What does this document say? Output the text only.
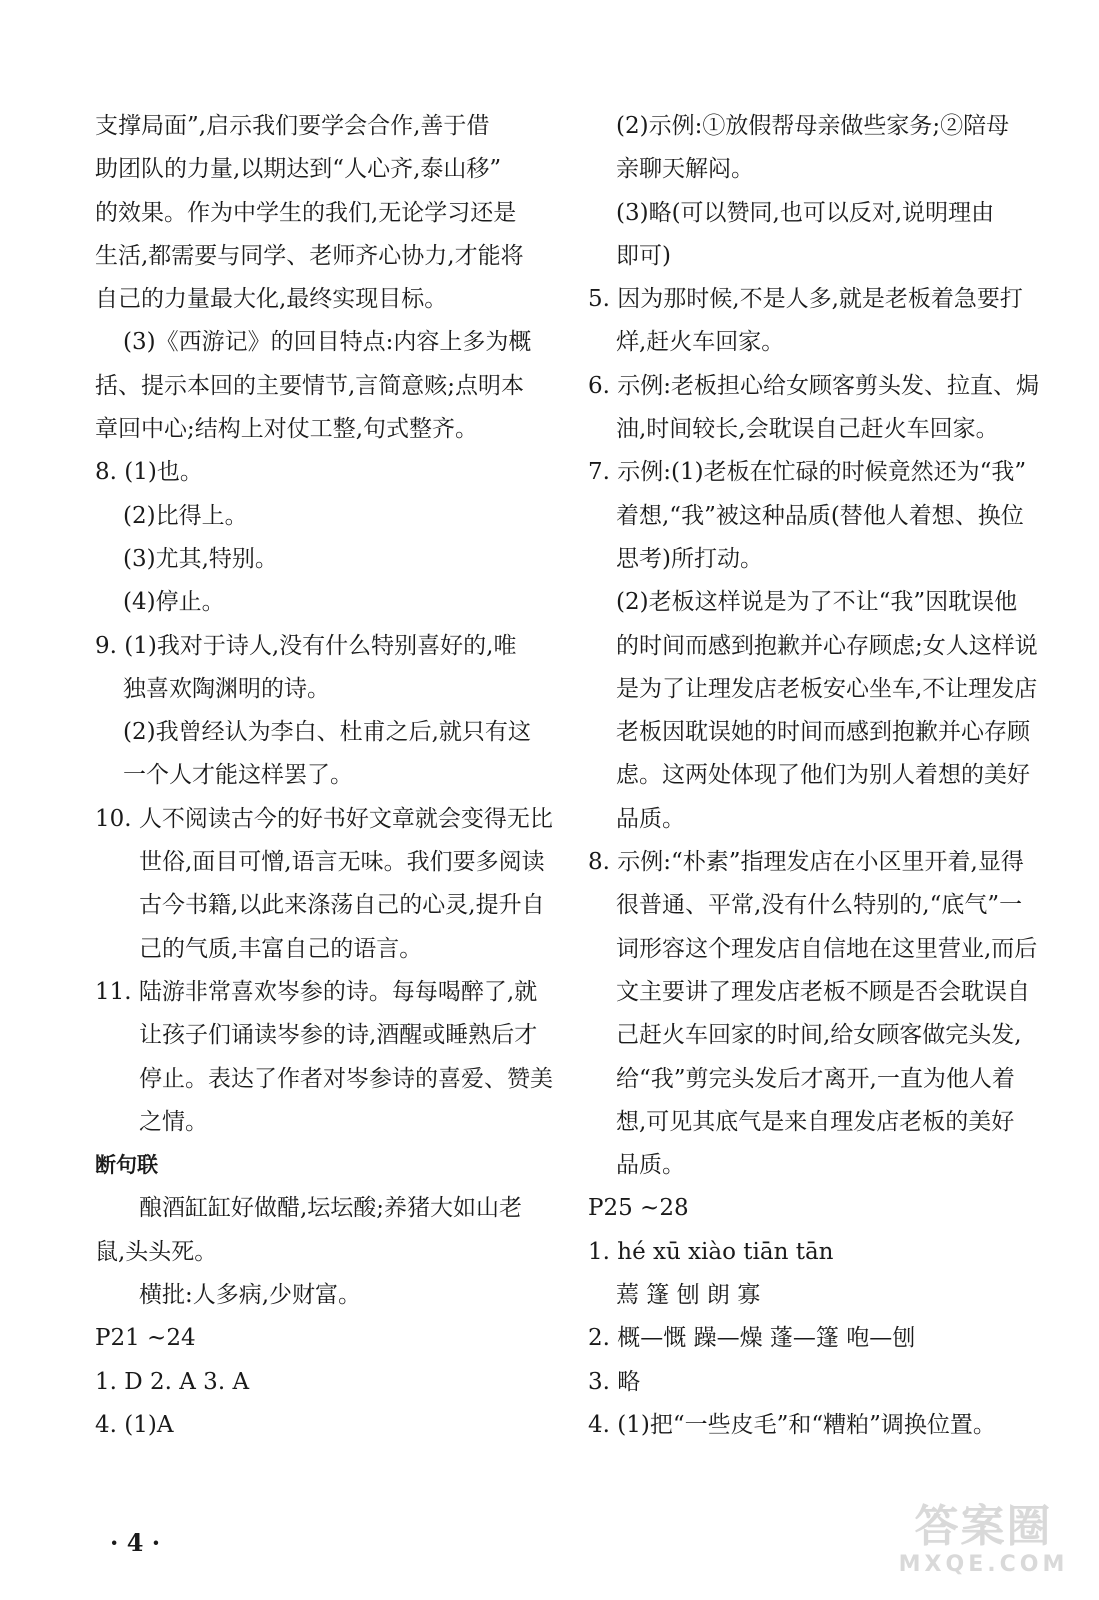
支撑局面”,启示我们要学会合作,善于借
助团队的力量,以期达到“人心齐,泰山移”
的效果。作为中学生的我们,无论学习还是
生活,都需要与同学、老师齐心协力,才能将
自己的力量最大化,最终实现目标。
(3)《西游记》的回目特点:内容上多为概
括、提示本回的主要情节,言简意赅;点明本
章回中心;结构上对仗工整,句式整齐。
8. (1)也。
(2)比得上。
(3)尤其,特别。
(4)停止。
9. (1)我对于诗人,没有什么特别喜好的,唯
独喜欢陶渊明的诗。
(2)我曾经认为李白、杜甫之后,就只有这
一个人才能这样罢了。
10. 人不阅读古今的好书好文章就会变得无比
世俗,面目可憎,语言无味。我们要多阅读
古今书籍,以此来涤荡自己的心灵,提升自
己的气质,丰富自己的语言。
11. 陆游非常喜欢岑参的诗。每每喝醉了,就
让孩子们诵读岑参的诗,酒醒或睡熟后才
停止。表达了作者对岑参诗的喜爱、赞美
之情。
断句联
酿酒缸缸好做醋,坛坛酸;养猪大如山老
鼠,头头死。
横批:人多病,少财富。
P21 ~24
1. D 2. A 3. A
4. (1)A
(2)示例:①放假帮母亲做些家务;②陪母
亲聊天解闷。
(3)略(可以赞同,也可以反对,说明理由
即可)
5. 因为那时候,不是人多,就是老板着急要打
烊,赶火车回家。
6. 示例:老板担心给女顾客剪头发、拉直、焗
油,时间较长,会耽误自己赶火车回家。
7. 示例:(1)老板在忙碌的时候竟然还为“我”
着想,“我”被这种品质(替他人着想、换位
思考)所打动。
(2)老板这样说是为了不让“我”因耽误他
的时间而感到抱歉并心存顾虑;女人这样说
是为了让理发店老板安心坐车,不让理发店
老板因耽误她的时间而感到抱歉并心存顾
虑。这两处体现了他们为别人着想的美好
品质。
8. 示例:“朴素”指理发店在小区里开着,显得
很普通、平常,没有什么特别的,“底气”一
词形容这个理发店自信地在这里营业,而后
文主要讲了理发店老板不顾是否会耽误自
己赶火车回家的时间,给女顾客做完头发,
给“我”剪完头发后才离开,一直为他人着
想,可见其底气是来自理发店老板的美好
品质。
P25 ~28
1. hé xū xiào tiān tān
蔫 篷 刨 朗 寡
2. 概—慨 躁—燥 蓬—篷 咆—刨
3. 略
4. (1)把“一些皮毛”和“糟粕”调换位置。
· 4 ·	答案圈
MXQE.COM
